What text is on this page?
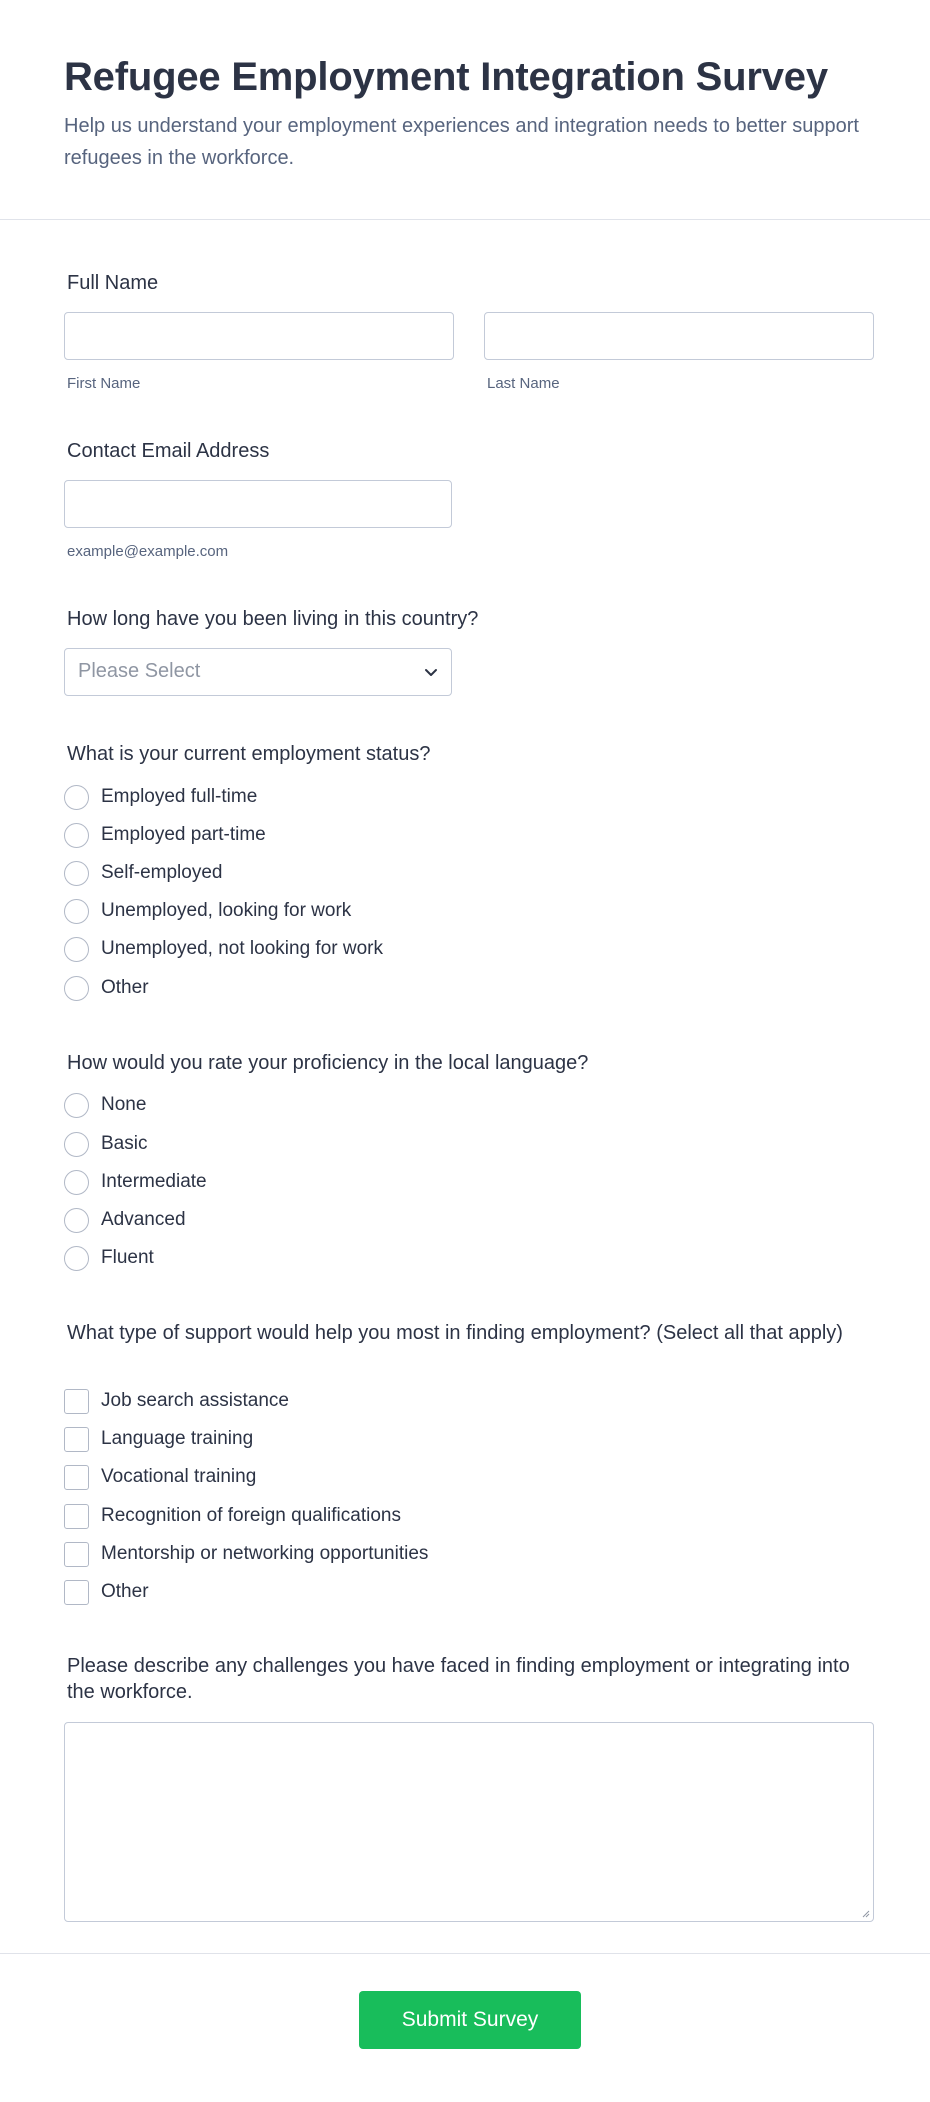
Refugee Employment Integration Survey

Help us understand your employment experiences and integration needs to better support refugees in the workforce.

Full Name
First Name	Last Name
Contact Email Address
example@example.com
How long have you been living in this country?
Please Select
What is your current employment status?
Employed full-time
Employed part-time
Self-employed
Unemployed, looking for work
Unemployed, not looking for work
Other
How would you rate your proficiency in the local language?
None
Basic
Intermediate
Advanced
Fluent
What type of support would help you most in finding employment? (Select all that apply)
Job search assistance
Language training
Vocational training
Recognition of foreign qualifications
Mentorship or networking opportunities
Other
Please describe any challenges you have faced in finding employment or integrating into the workforce.
Submit Survey
